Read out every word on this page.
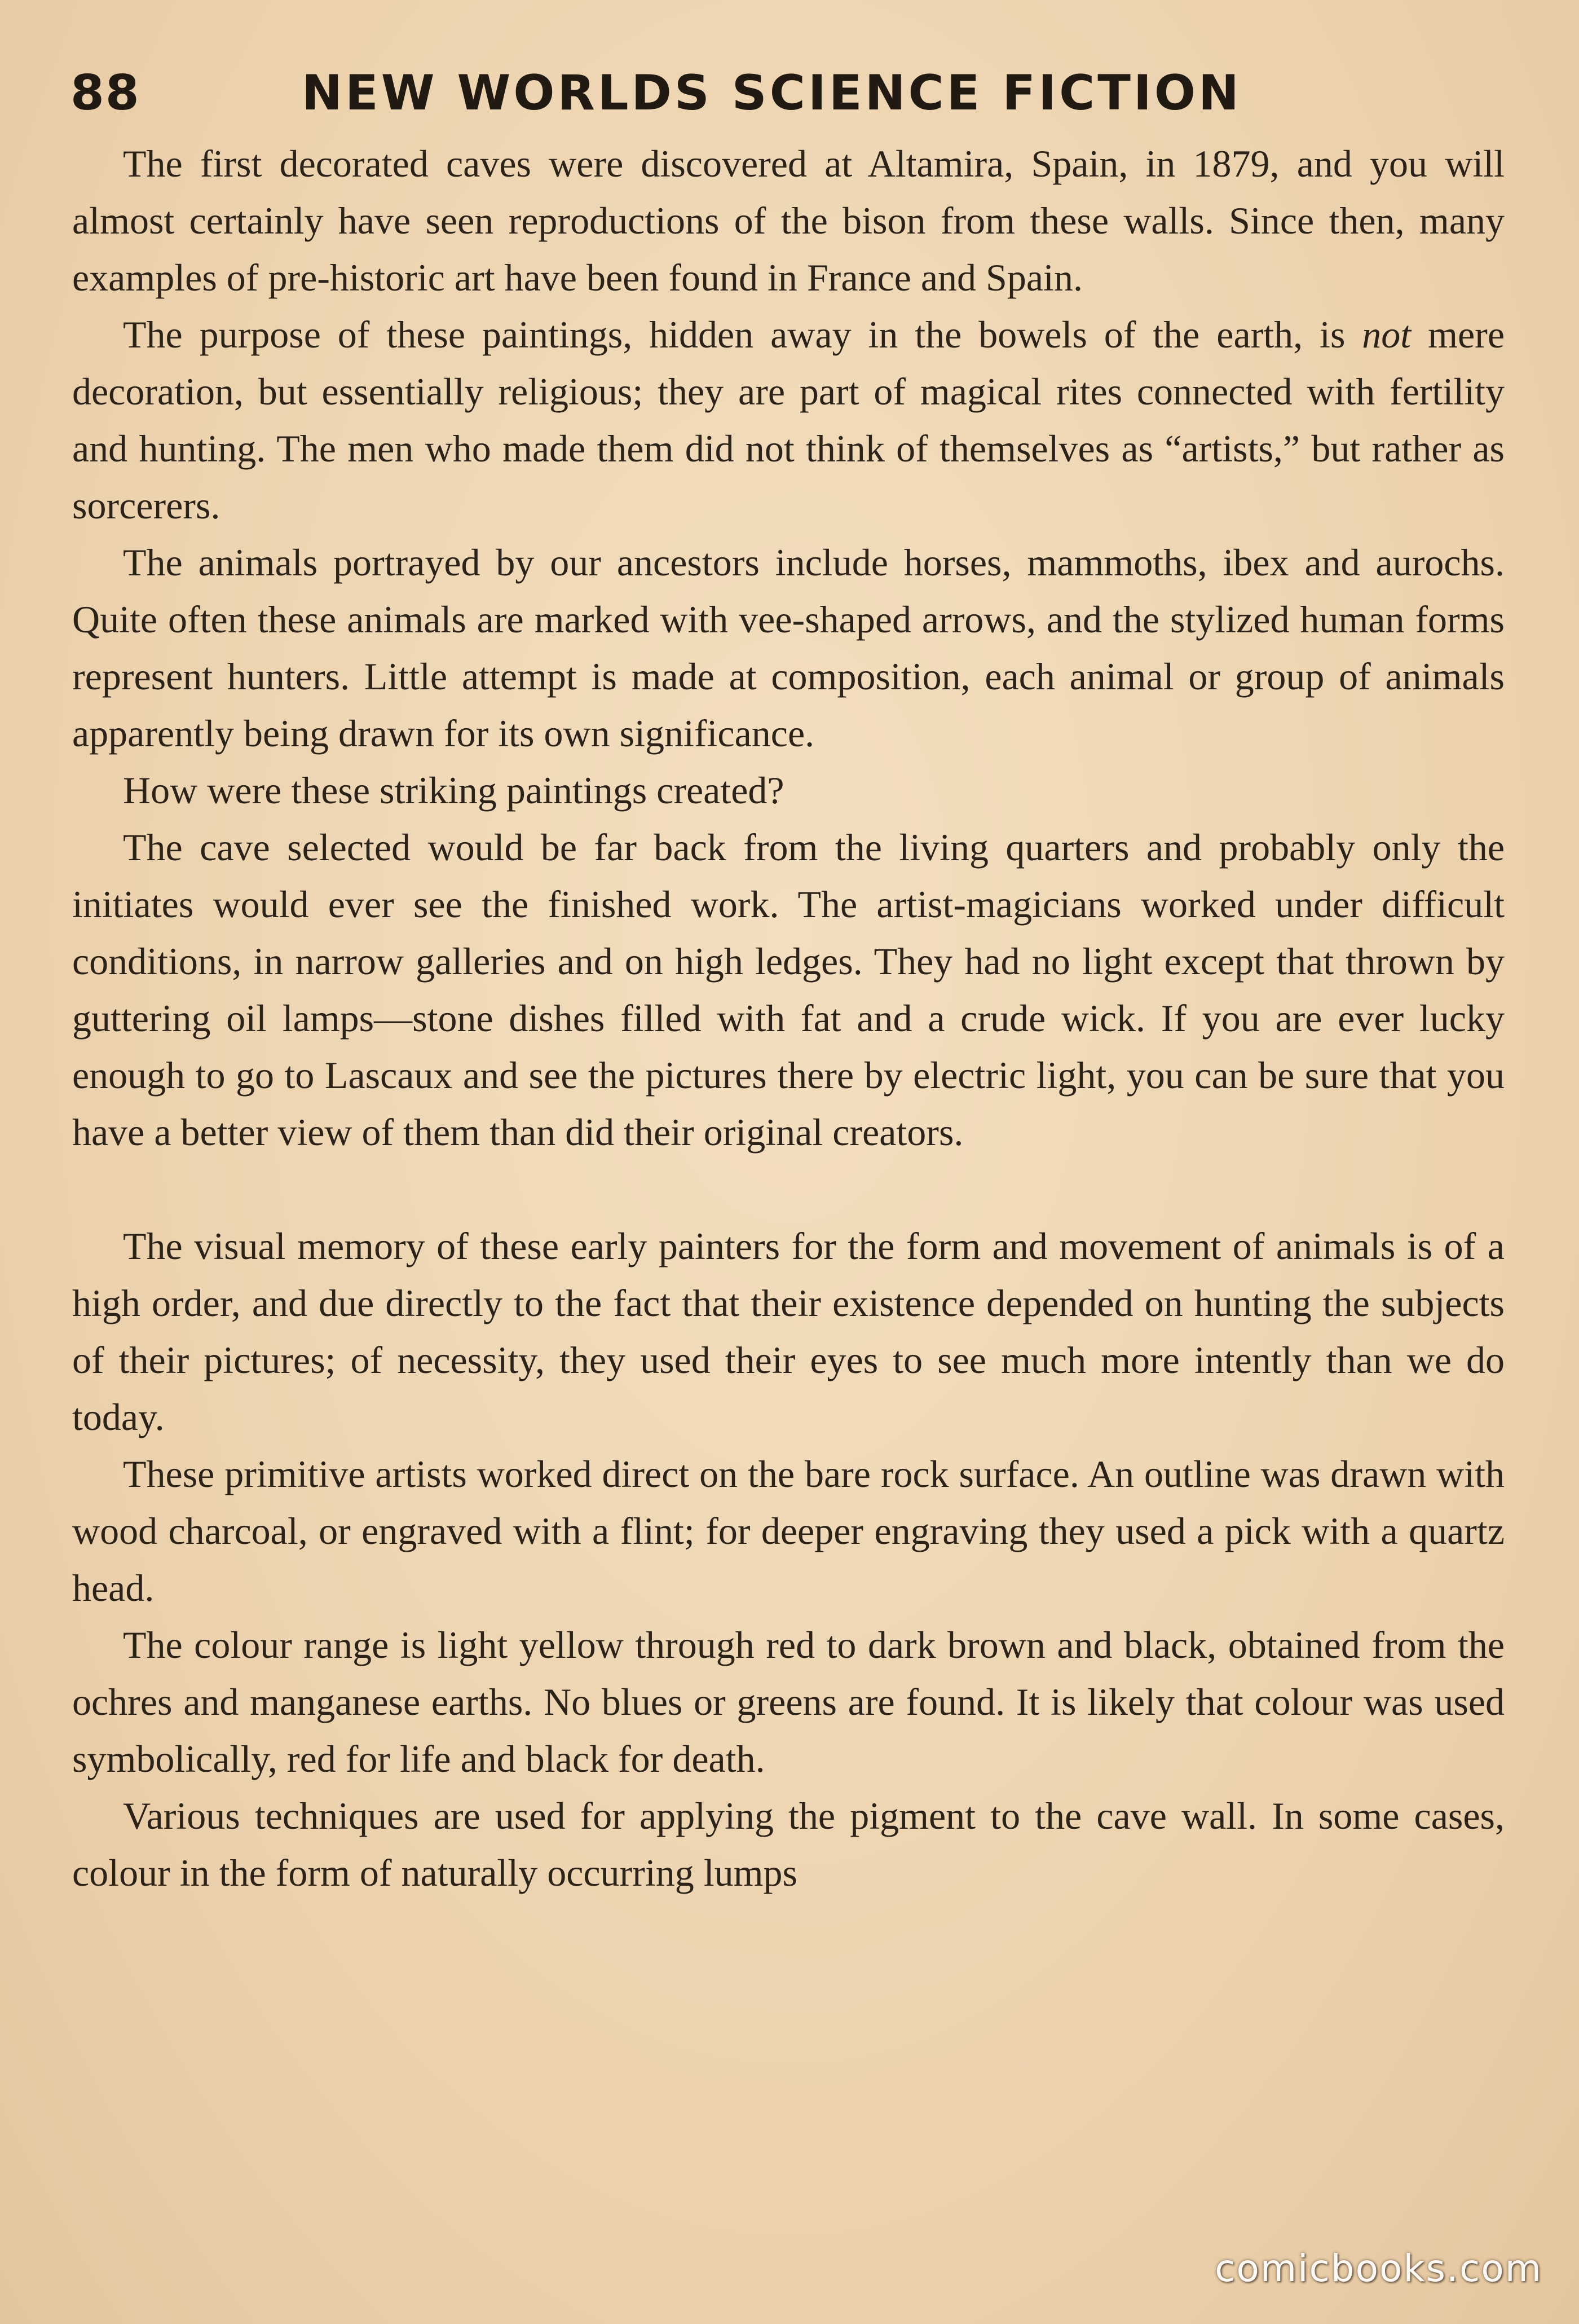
88	NEW WORLDS SCIENCE FICTION

The first decorated caves were discovered at Altamira, Spain, in 1879, and you will almost certainly have seen reproductions of the bison from these walls. Since then, many examples of pre-historic art have been found in France and Spain.

The purpose of these paintings, hidden away in the bowels of the earth, is not mere decoration, but essentially religious; they are part of magical rites connected with fertility and hunting. The men who made them did not think of themselves as “artists,” but rather as sorcerers.

The animals portrayed by our ancestors include horses, mammoths, ibex and aurochs. Quite often these animals are marked with vee-shaped arrows, and the stylized human forms represent hunters. Little attempt is made at composition, each animal or group of animals apparently being drawn for its own significance.

How were these striking paintings created?

The cave selected would be far back from the living quarters and probably only the initiates would ever see the finished work. The artist-magicians worked under difficult conditions, in narrow galleries and on high ledges. They had no light except that thrown by guttering oil lamps—stone dishes filled with fat and a crude wick. If you are ever lucky enough to go to Lascaux and see the pictures there by electric light, you can be sure that you have a better view of them than did their original creators.

The visual memory of these early painters for the form and movement of animals is of a high order, and due directly to the fact that their existence depended on hunting the subjects of their pictures; of necessity, they used their eyes to see much more intently than we do today.

These primitive artists worked direct on the bare rock surface. An outline was drawn with wood charcoal, or engraved with a flint; for deeper engraving they used a pick with a quartz head.

The colour range is light yellow through red to dark brown and black, obtained from the ochres and manganese earths. No blues or greens are found. It is likely that colour was used symbolically, red for life and black for death.

Various techniques are used for applying the pigment to the cave wall. In some cases, colour in the form of naturally occurring lumps

comicbooks.com
